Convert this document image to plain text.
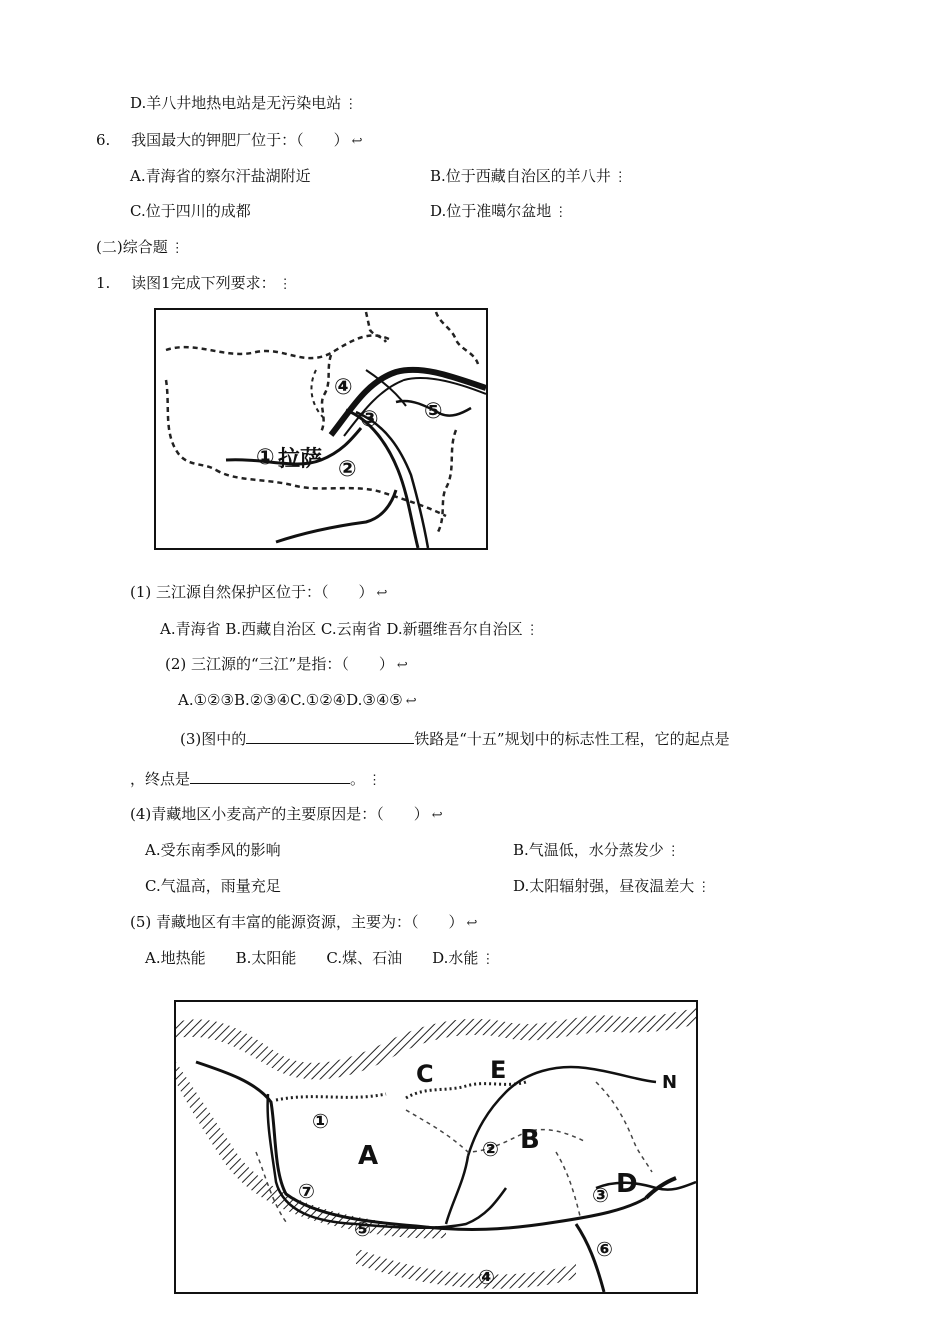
D.羊八井地热电站是无污染电站 ⋮
6. 我国最大的钾肥厂位于：（　　） ↩
A.青海省的察尔汗盐湖附近	B.位于西藏自治区的羊八井 ⋮
C.位于四川的成都	D.位于准噶尔盆地 ⋮
(二)综合题 ⋮
1. 读图1完成下列要求： ⋮
① 拉萨 ②
③
④
⑤
(1) 三江源自然保护区位于：（　　） ↩
A.青海省 B.西藏自治区 C.云南省 D.新疆维吾尔自治区 ⋮
(2) 三江源的“三江”是指：（　　） ↩
A.①②③B.②③④C.①②④D.③④⑤ ↩
(3)图中的	铁路是“十五”规划中的标志性工程，它的起点是
，终点是	。 ⋮
(4)青藏地区小麦高产的主要原因是：（　　） ↩
A.受东南季风的影响	B.气温低，水分蒸发少 ⋮
C.气温高，雨量充足	D.太阳辐射强，昼夜温差大 ⋮
(5) 青藏地区有丰富的能源资源，主要为：（　　） ↩
A.地热能　　B.太阳能　　C.煤、石油　　D.水能 ⋮
A
B
C
D
E	N
①
②
③
④
⑤
⑥
⑦
